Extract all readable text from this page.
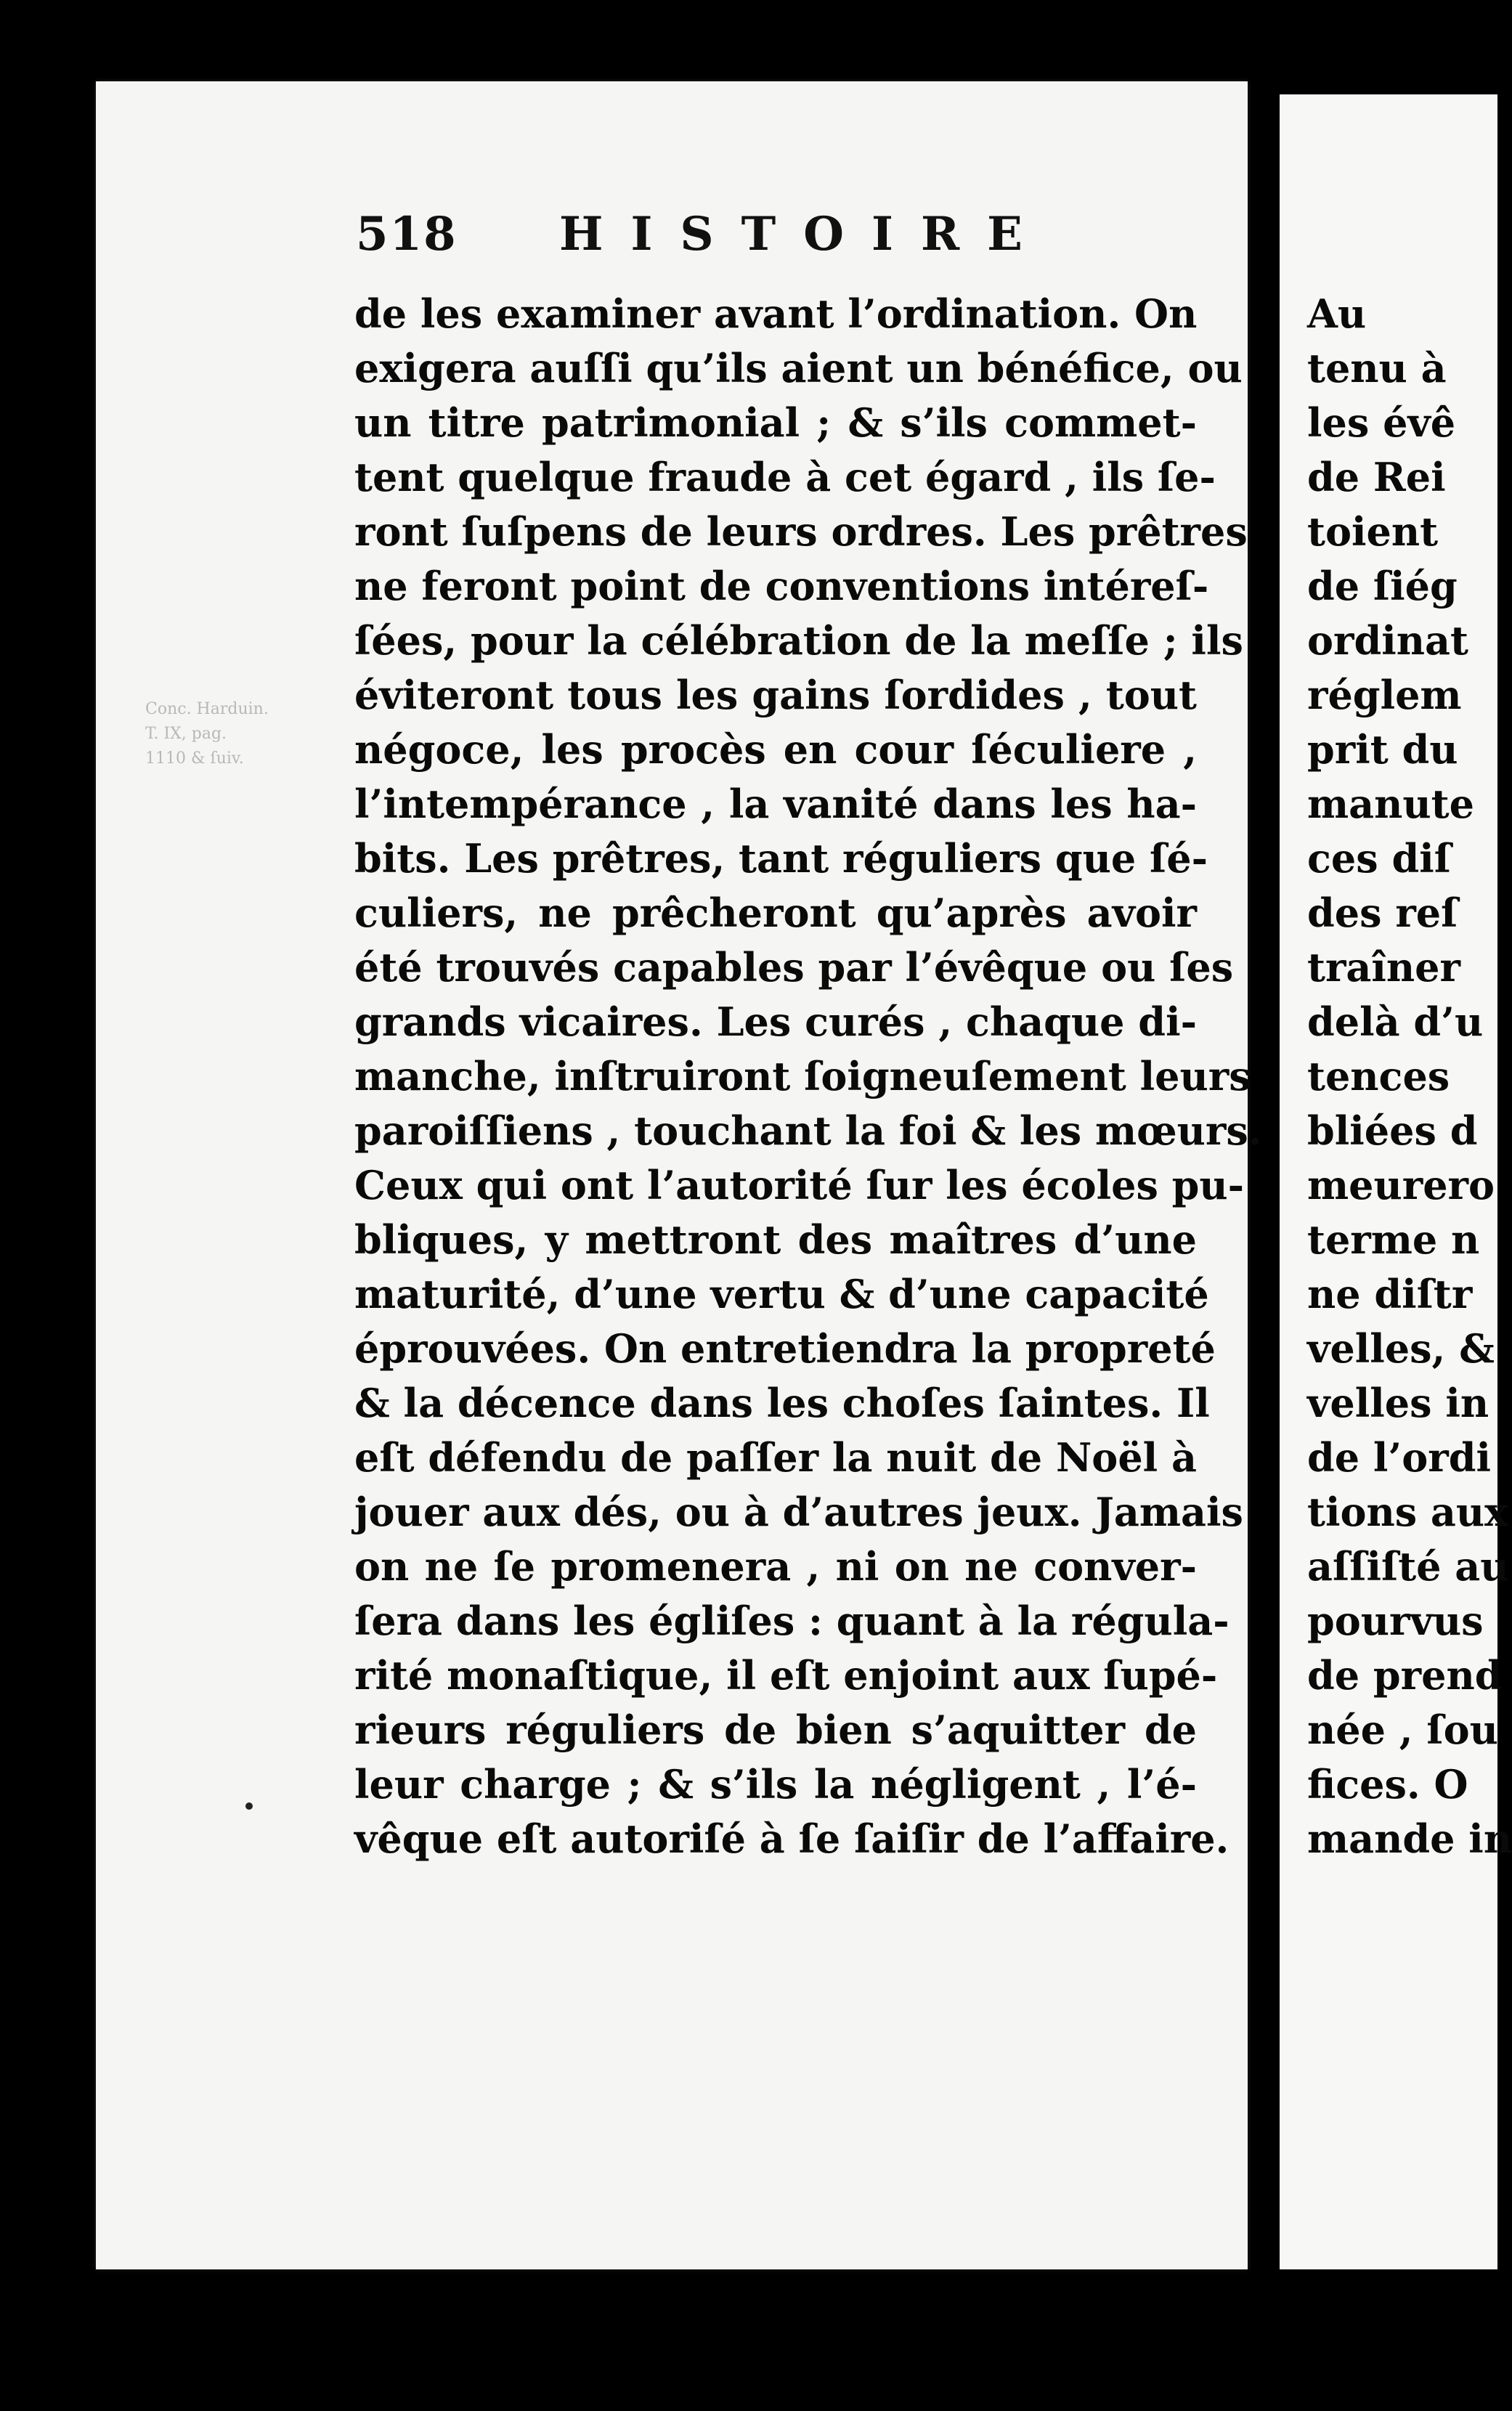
518 HISTOIRE
Conc. Harduin.
T. IX, pag.
1110 & ſuiv.
de les examiner avant l’ordination. On
exigera auſſi qu’ils aient un bénéfice, ou
un titre patrimonial ; & s’ils commet-
tent quelque fraude à cet égard , ils ſe-
ront ſuſpens de leurs ordres. Les prêtres
ne feront point de conventions intéreſ-
ſées, pour la célébration de la meſſe ; ils
éviteront tous les gains ſordides , tout
négoce, les procès en cour ſéculiere ,
l’intempérance , la vanité dans les ha-
bits. Les prêtres, tant réguliers que ſé-
culiers, ne prêcheront qu’après avoir
été trouvés capables par l’évêque ou ſes
grands vicaires. Les curés , chaque di-
manche, inſtruiront ſoigneuſement leurs
paroiſſiens , touchant la foi & les mœurs.
Ceux qui ont l’autorité ſur les écoles pu-
bliques, y mettront des maîtres d’une
maturité, d’une vertu & d’une capacité
éprouvées. On entretiendra la propreté
& la décence dans les choſes ſaintes. Il
eſt défendu de paſſer la nuit de Noël à
jouer aux dés, ou à d’autres jeux. Jamais
on ne ſe promenera , ni on ne conver-
ſera dans les égliſes : quant à la régula-
rité monaſtique, il eſt enjoint aux ſupé-
rieurs réguliers de bien s’aquitter de
leur charge ; & s’ils la négligent , l’é-
vêque eſt autoriſé à ſe ſaiſir de l’affaire.
Au
tenu à
les évê
de Rei
toient
de ſiég
ordinat
réglem
prit du
manute
ces diſ
des reſ
traîner
delà d’u
tences
bliées d
meurero
terme n
ne diſtr
velles, &
velles in
de l’ordi
tions aux
aſſiſté au
pourvus
de prend
née , ſou
fices. O
mande in
